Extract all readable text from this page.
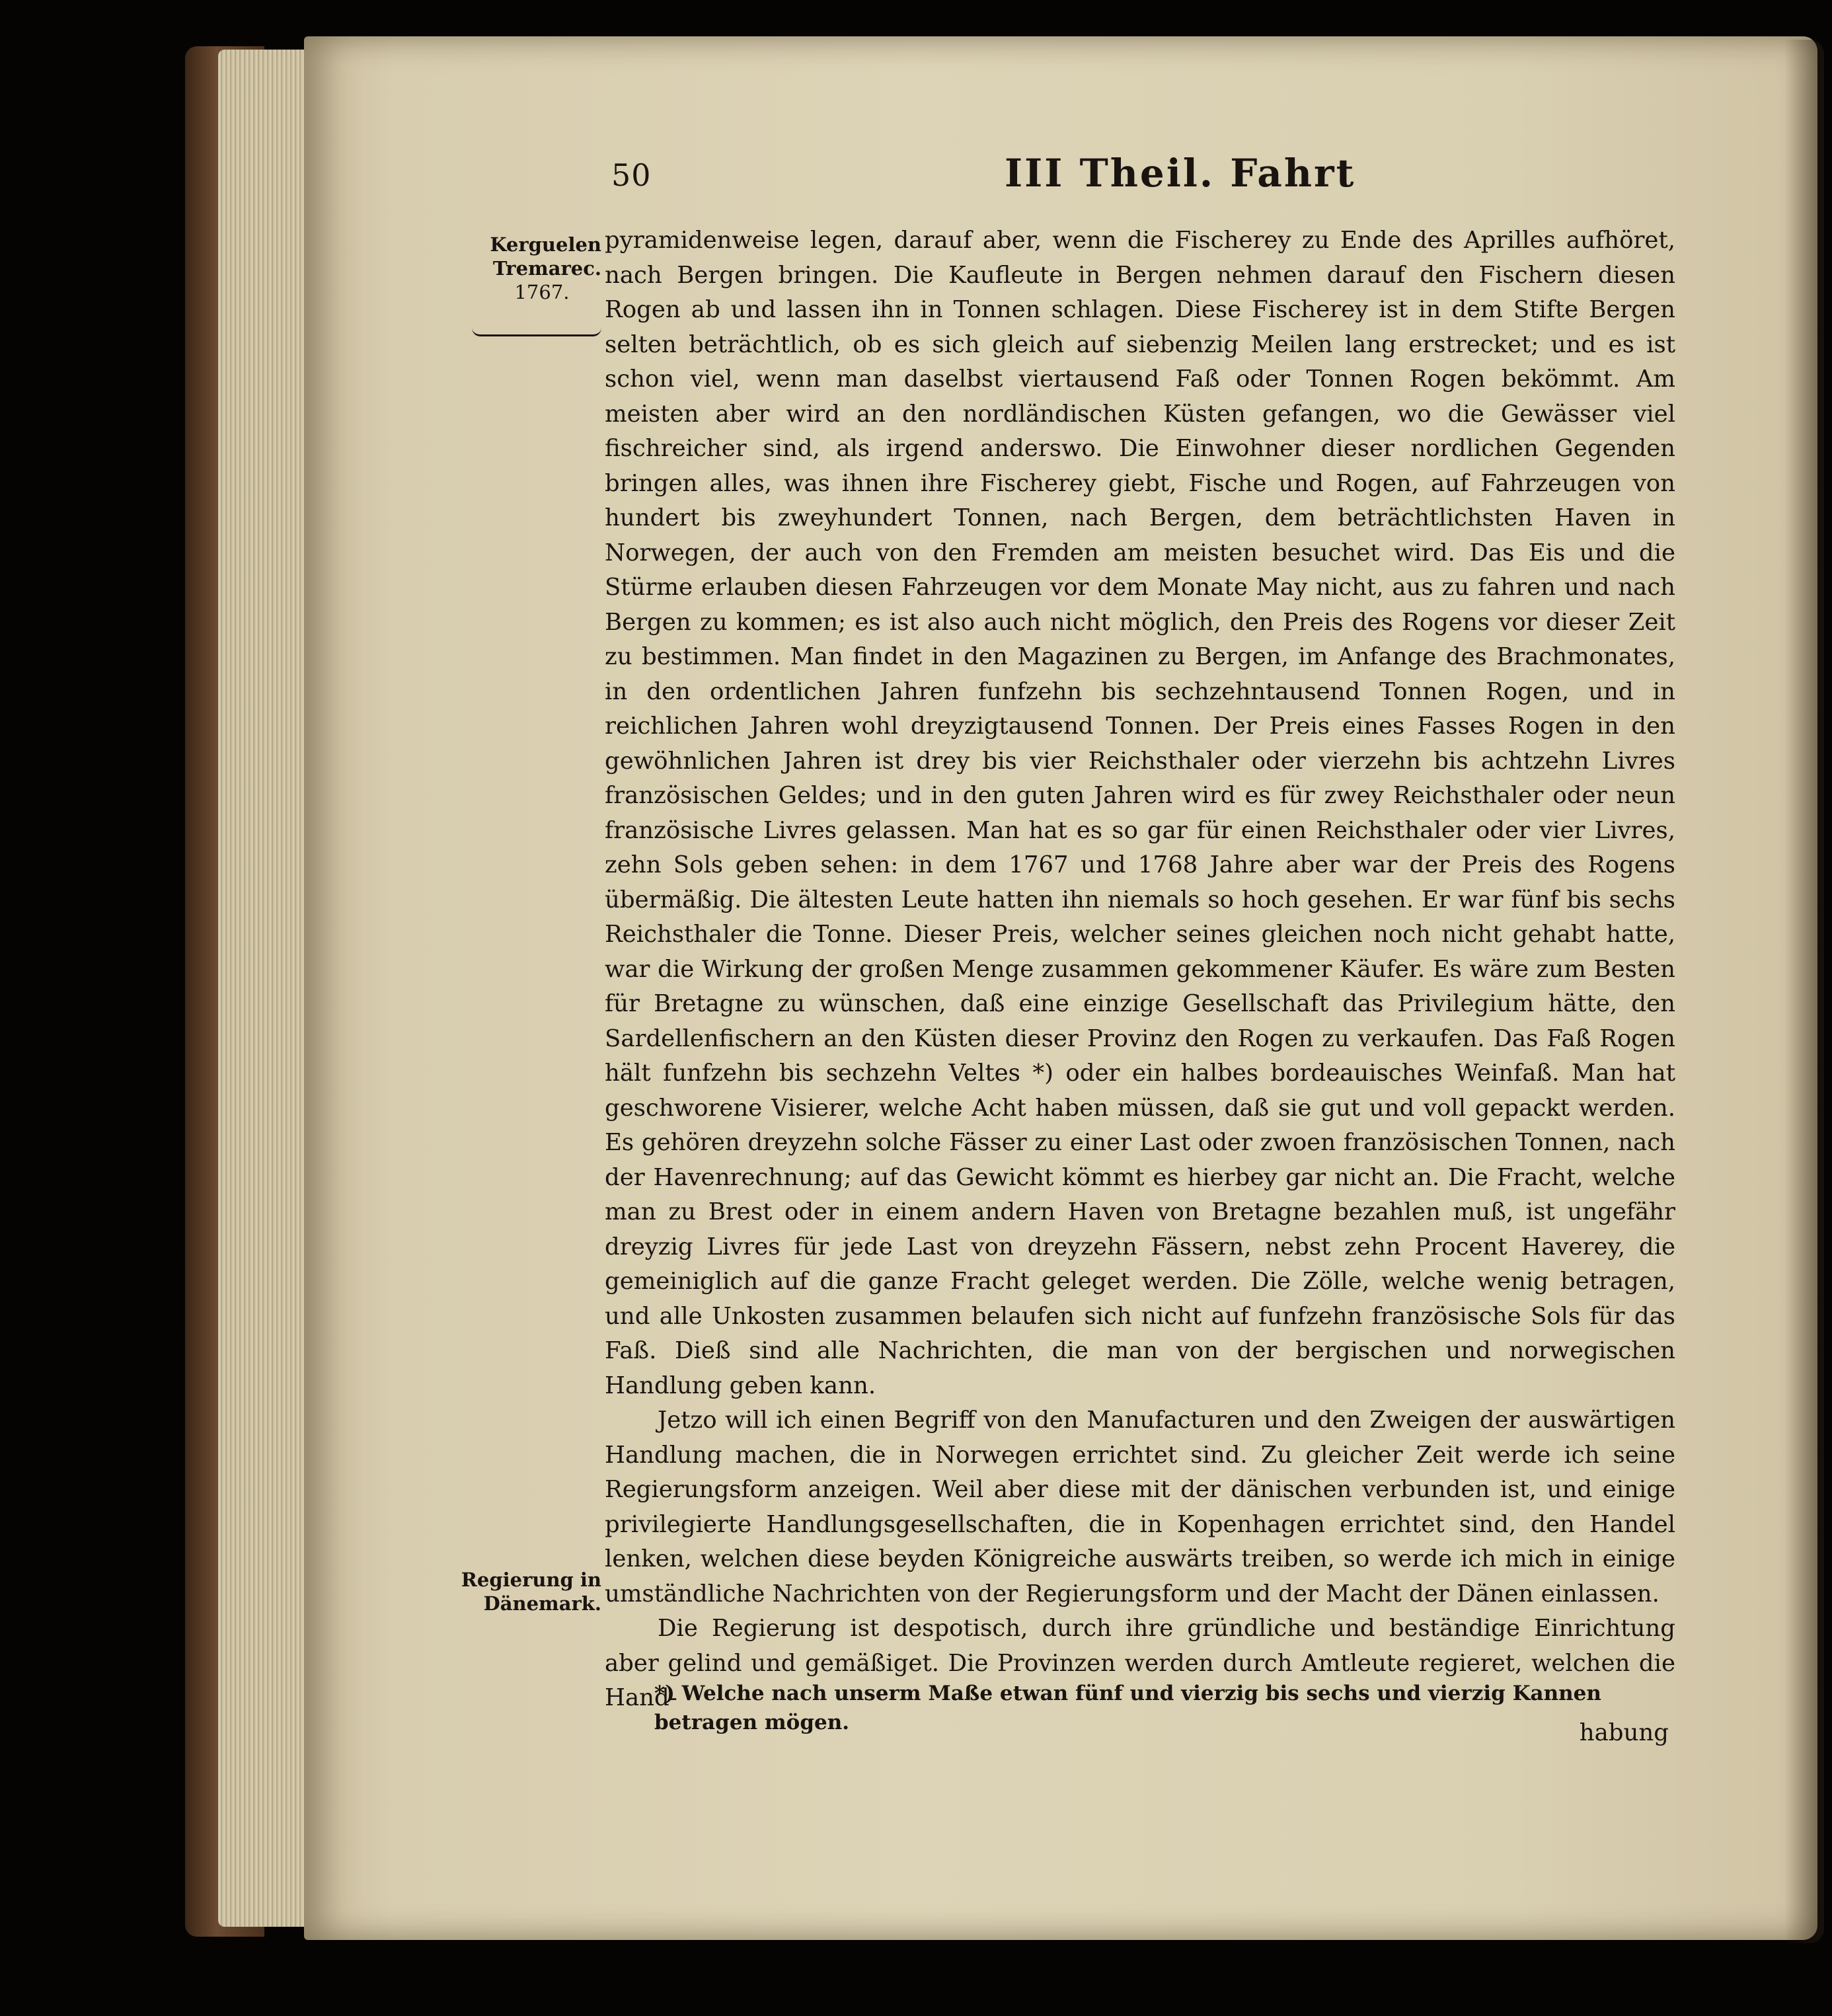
50	III Theil. Fahrt
Kerguelen
Tremarec.
1767.
Regierung in
Dänemark.

pyramidenweise legen, darauf aber, wenn die Fischerey zu Ende des Aprilles aufhöret, nach Bergen bringen. Die Kaufleute in Bergen nehmen darauf den Fischern diesen Rogen ab und lassen ihn in Tonnen schlagen. Diese Fischerey ist in dem Stifte Bergen selten beträchtlich, ob es sich gleich auf siebenzig Meilen lang erstrecket; und es ist schon viel, wenn man daselbst viertausend Faß oder Tonnen Rogen bekömmt. Am meisten aber wird an den nordländischen Küsten gefangen, wo die Gewässer viel fischreicher sind, als irgend anderswo. Die Einwohner dieser nordlichen Gegenden bringen alles, was ihnen ihre Fischerey giebt, Fische und Rogen, auf Fahrzeugen von hundert bis zweyhundert Tonnen, nach Bergen, dem beträchtlichsten Haven in Norwegen, der auch von den Fremden am meisten besuchet wird. Das Eis und die Stürme erlauben diesen Fahrzeugen vor dem Monate May nicht, aus zu fahren und nach Bergen zu kommen; es ist also auch nicht möglich, den Preis des Rogens vor dieser Zeit zu bestimmen. Man findet in den Magazinen zu Bergen, im Anfange des Brachmonates, in den ordentlichen Jahren funfzehn bis sechzehntausend Tonnen Rogen, und in reichlichen Jahren wohl dreyzigtausend Tonnen. Der Preis eines Fasses Rogen in den gewöhnlichen Jahren ist drey bis vier Reichsthaler oder vierzehn bis achtzehn Livres französischen Geldes; und in den guten Jahren wird es für zwey Reichsthaler oder neun französische Livres gelassen. Man hat es so gar für einen Reichsthaler oder vier Livres, zehn Sols geben sehen: in dem 1767 und 1768 Jahre aber war der Preis des Rogens übermäßig. Die ältesten Leute hatten ihn niemals so hoch gesehen. Er war fünf bis sechs Reichsthaler die Tonne. Dieser Preis, welcher seines gleichen noch nicht gehabt hatte, war die Wirkung der großen Menge zusammen gekommener Käufer. Es wäre zum Besten für Bretagne zu wünschen, daß eine einzige Gesellschaft das Privilegium hätte, den Sardellenfischern an den Küsten dieser Provinz den Rogen zu verkaufen. Das Faß Rogen hält funfzehn bis sechzehn Veltes *) oder ein halbes bordeauisches Weinfaß. Man hat geschworene Visierer, welche Acht haben müssen, daß sie gut und voll gepackt werden. Es gehören dreyzehn solche Fässer zu einer Last oder zwoen französischen Tonnen, nach der Havenrechnung; auf das Gewicht kömmt es hierbey gar nicht an. Die Fracht, welche man zu Brest oder in einem andern Haven von Bretagne bezahlen muß, ist ungefähr dreyzig Livres für jede Last von dreyzehn Fässern, nebst zehn Procent Haverey, die gemeiniglich auf die ganze Fracht geleget werden. Die Zölle, welche wenig betragen, und alle Unkosten zusammen belaufen sich nicht auf funfzehn französische Sols für das Faß. Dieß sind alle Nachrichten, die man von der bergischen und norwegischen Handlung geben kann.

Jetzo will ich einen Begriff von den Manufacturen und den Zweigen der auswärtigen Handlung machen, die in Norwegen errichtet sind. Zu gleicher Zeit werde ich seine Regierungsform anzeigen. Weil aber diese mit der dänischen verbunden ist, und einige privilegierte Handlungsgesellschaften, die in Kopenhagen errichtet sind, den Handel lenken, welchen diese beyden Königreiche auswärts treiben, so werde ich mich in einige umständliche Nachrichten von der Regierungsform und der Macht der Dänen einlassen.

Die Regierung ist despotisch, durch ihre gründliche und beständige Einrichtung aber gelind und gemäßiget. Die Provinzen werden durch Amtleute regieret, welchen die Hand-

habung

*) Welche nach unserm Maße etwan fünf und vierzig bis sechs und vierzig Kannen betragen mögen.
